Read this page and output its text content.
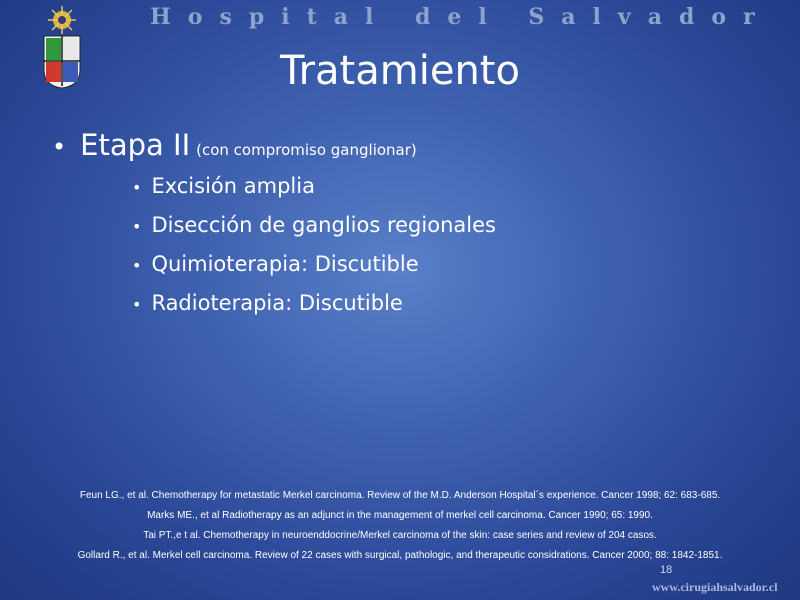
Hospital del Salvador
Tratamiento
• Etapa II (con compromiso ganglionar)
• Excisión amplia
• Disección de ganglios regionales
• Quimioterapia: Discutible
• Radioterapia: Discutible
Feun LG., et al. Chemotherapy for metastatic Merkel carcinoma. Review of the M.D. Anderson Hospital´s experience. Cancer 1998; 62: 683-685.
Marks ME., et al Radiotherapy as an adjunct in the management of merkel cell carcinoma. Cancer 1990; 65: 1990.
Tai PT.,e t al. Chemotherapy in neuroenddocrine/Merkel carcinoma of the skin: case series and review of 204 casos.
Gollard R., et al. Merkel cell carcinoma. Review of 22 cases with surgical, pathologic, and therapeutic considrations. Cancer 2000; 88: 1842-1851.
18
www.cirugiahsalvador.cl
